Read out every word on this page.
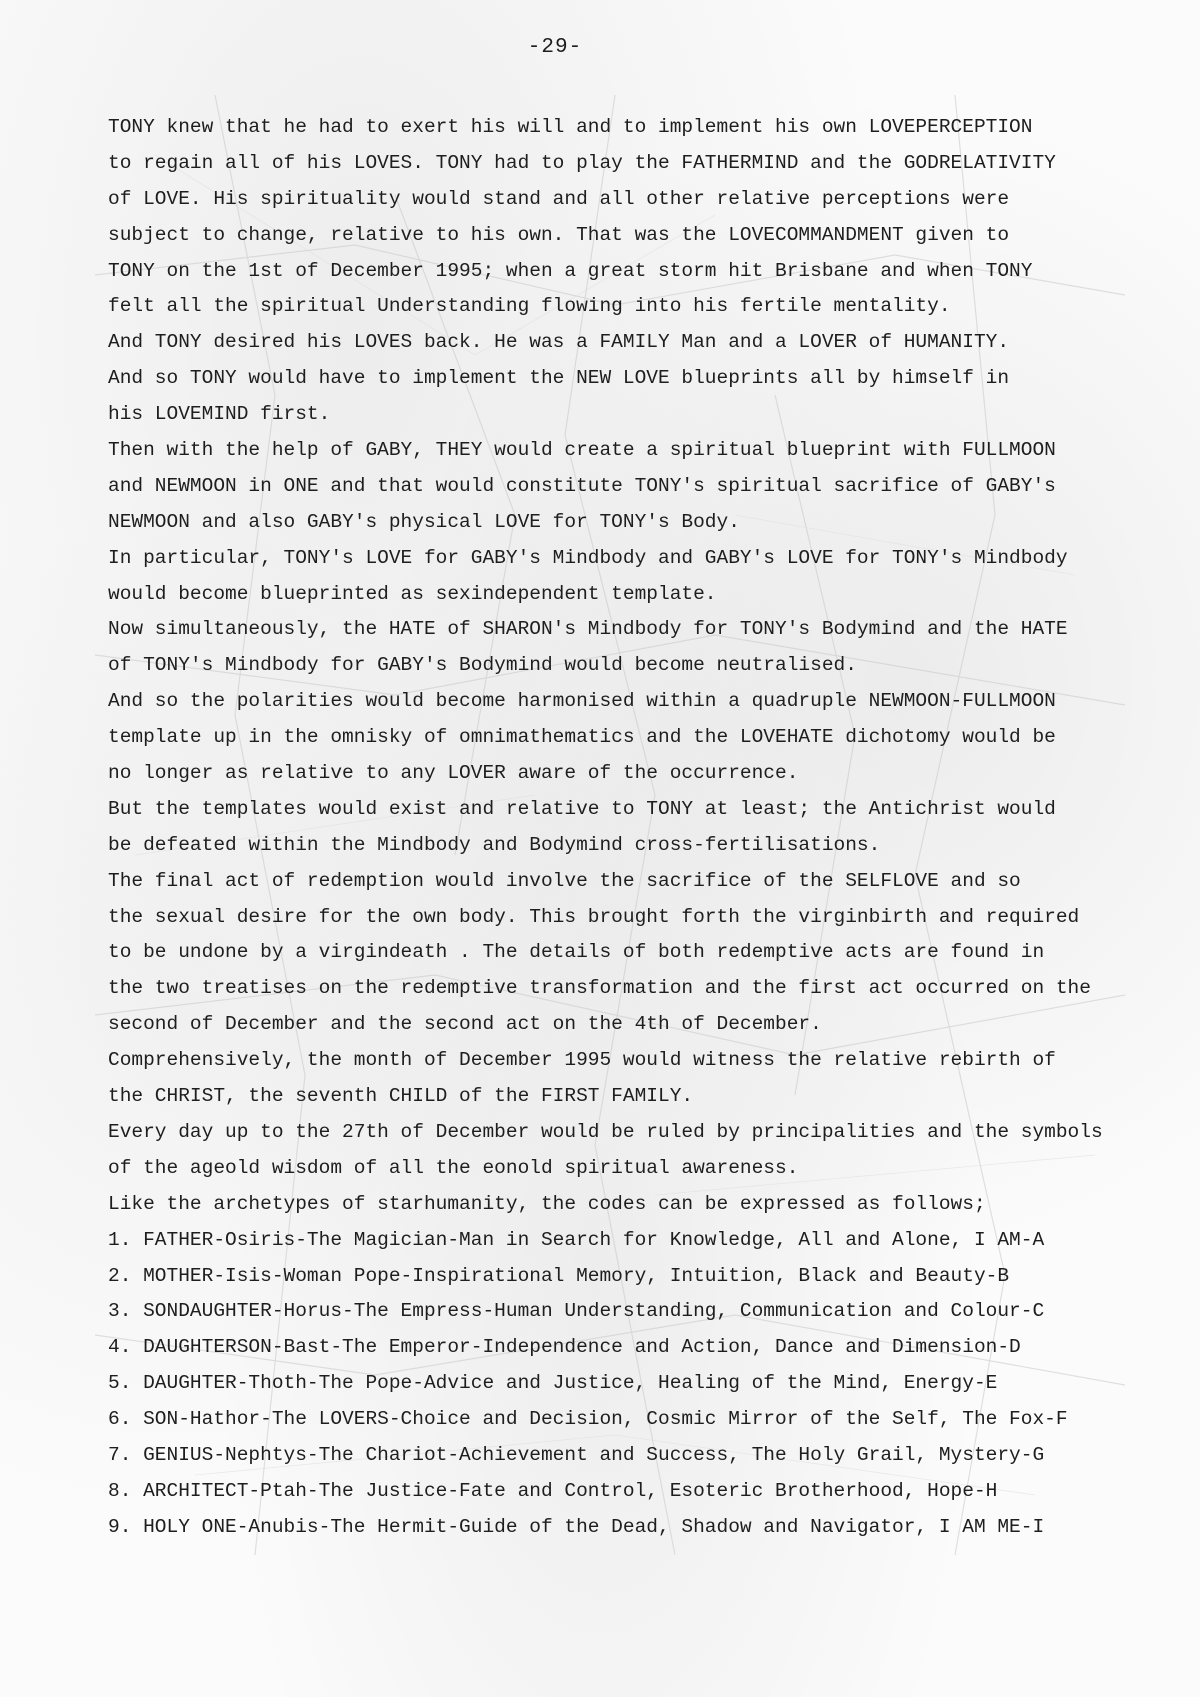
-29-
TONY knew that he had to exert his will and to implement his own LOVEPERCEPTION
to regain all of his LOVES. TONY had to play the FATHERMIND and the GODRELATIVITY
of LOVE. His spirituality would stand and all other relative perceptions were
subject to change, relative to his own. That was the LOVECOMMANDMENT given to
TONY on the 1st of December 1995; when a great storm hit Brisbane and when TONY
felt all the spiritual Understanding flowing into his fertile mentality.
And TONY desired his LOVES back. He was a FAMILY Man and a LOVER of HUMANITY.
And so TONY would have to implement the NEW LOVE blueprints all by himself in
his LOVEMIND first.
Then with the help of GABY, THEY would create a spiritual blueprint with FULLMOON
and NEWMOON in ONE and that would constitute TONY's spiritual sacrifice of GABY's
NEWMOON and also GABY's physical LOVE for TONY's Body.
In particular, TONY's LOVE for GABY's Mindbody and GABY's LOVE for TONY's Mindbody
would become blueprinted as sexindependent template.
Now simultaneously, the HATE of SHARON's Mindbody for TONY's Bodymind and the HATE
of TONY's Mindbody for GABY's Bodymind would become neutralised.
And so the polarities would become harmonised within a quadruple NEWMOON-FULLMOON
template up in the omnisky of omnimathematics and the LOVEHATE dichotomy would be
no longer as relative to any LOVER aware of the occurrence.
But the templates would exist and relative to TONY at least; the Antichrist would
be defeated within the Mindbody and Bodymind cross-fertilisations.
The final act of redemption would involve the sacrifice of the SELFLOVE and so
the sexual desire for the own body. This brought forth the virginbirth and required
to be undone by a virgindeath . The details of both redemptive acts are found in
the two treatises on the redemptive transformation and the first act occurred on the
second of December and the second act on the 4th of December.
Comprehensively, the month of December 1995 would witness the relative rebirth of
the CHRIST, the seventh CHILD of the FIRST FAMILY.
Every day up to the 27th of December would be ruled by principalities and the symbols
of the ageold wisdom of all the eonold spiritual awareness.
Like the archetypes of starhumanity, the codes can be expressed as follows;
1. FATHER-Osiris-The Magician-Man in Search for Knowledge, All and Alone, I AM-A
2. MOTHER-Isis-Woman Pope-Inspirational Memory, Intuition, Black and Beauty-B
3. SONDAUGHTER-Horus-The Empress-Human Understanding, Communication and Colour-C
4. DAUGHTERSON-Bast-The Emperor-Independence and Action, Dance and Dimension-D
5. DAUGHTER-Thoth-The Pope-Advice and Justice, Healing of the Mind, Energy-E
6. SON-Hathor-The LOVERS-Choice and Decision, Cosmic Mirror of the Self, The Fox-F
7. GENIUS-Nephtys-The Chariot-Achievement and Success, The Holy Grail, Mystery-G
8. ARCHITECT-Ptah-The Justice-Fate and Control, Esoteric Brotherhood, Hope-H
9. HOLY ONE-Anubis-The Hermit-Guide of the Dead, Shadow and Navigator, I AM ME-I
